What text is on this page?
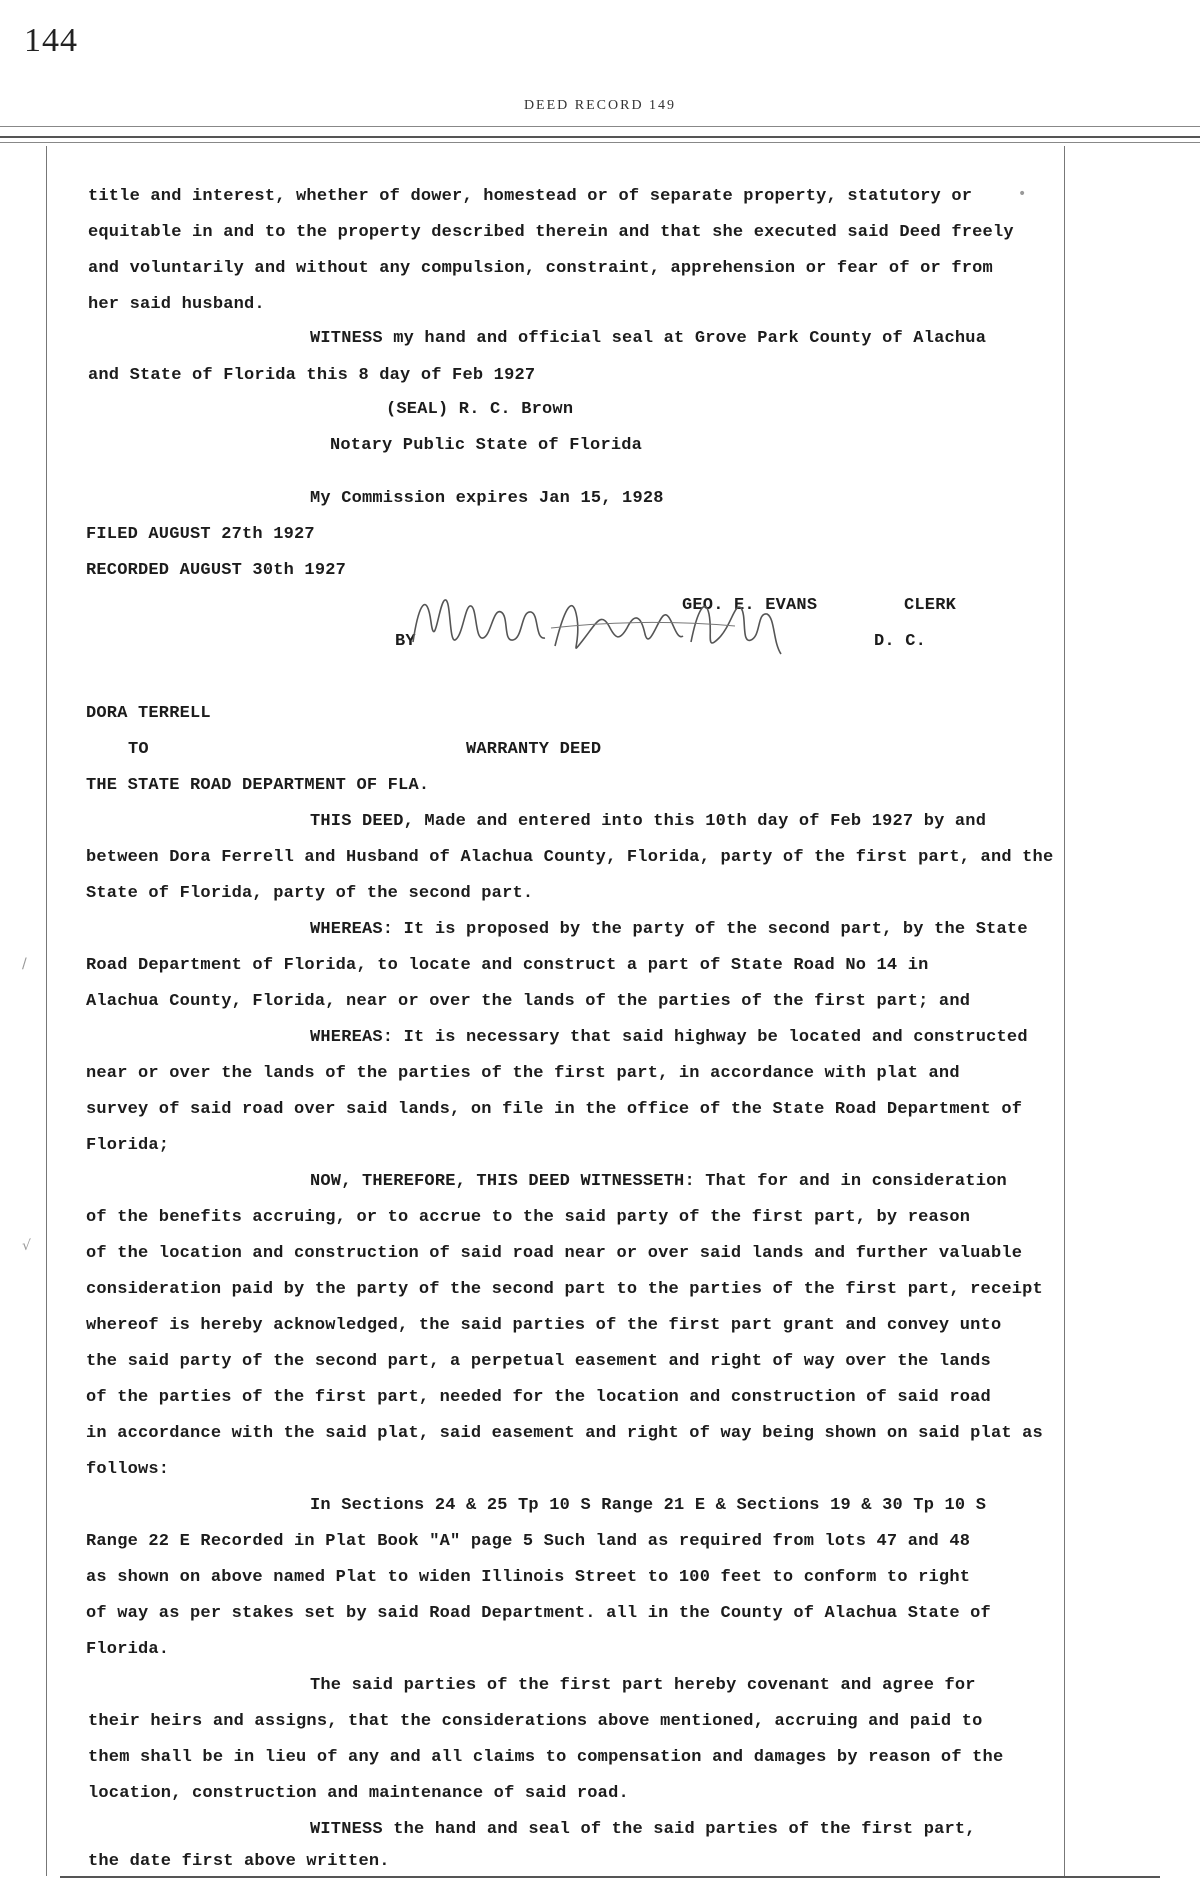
144
DEED RECORD 149
•
/
√
title and interest, whether of dower, homestead or of separate property, statutory or
equitable in and to the property described therein and that she executed said Deed freely
and voluntarily and without any compulsion, constraint, apprehension or fear of or from
her said husband.
WITNESS my hand and official seal at Grove Park County of Alachua
and State of Florida this 8 day of Feb 1927
(SEAL) R. C. Brown
Notary Public State of Florida
My Commission expires Jan 15, 1928
FILED AUGUST 27th 1927
RECORDED AUGUST 30th 1927
GEO. E. EVANS	CLERK
BY	D. C.
DORA TERRELL
TO	WARRANTY DEED
THE STATE ROAD DEPARTMENT OF FLA.
THIS DEED, Made and entered into this 10th day of Feb 1927 by and
between Dora Ferrell and Husband of Alachua County, Florida, party of the first part, and the
State of Florida, party of the second part.
WHEREAS: It is proposed by the party of the second part, by the State
Road Department of Florida, to locate and construct a part of State Road No 14 in
Alachua County, Florida, near or over the lands of the parties of the first part; and
WHEREAS: It is necessary that said highway be located and constructed
near or over the lands of the parties of the first part, in accordance with plat and
survey of said road over said lands, on file in the office of the State Road Department of
Florida;
NOW, THEREFORE, THIS DEED WITNESSETH: That for and in consideration
of the benefits accruing, or to accrue to the said party of the first part, by reason
of the location and construction of said road near or over said lands and further valuable
consideration paid by the party of the second part to the parties of the first part, receipt
whereof is hereby acknowledged, the said parties of the first part grant and convey unto
the said party of the second part, a perpetual easement and right of way over the lands
of the parties of the first part, needed for the location and construction of said road
in accordance with the said plat, said easement and right of way being shown on said plat as
follows:
In Sections 24 & 25 Tp 10 S Range 21 E & Sections 19 & 30 Tp 10 S
Range 22 E Recorded in Plat Book "A" page 5 Such land as required from lots 47 and 48
as shown on above named Plat to widen Illinois Street to 100 feet to conform to right
of way as per stakes set by said Road Department. all in the County of Alachua State of
Florida.
The said parties of the first part hereby covenant and agree for
their heirs and assigns, that the considerations above mentioned, accruing and paid to
them shall be in lieu of any and all claims to compensation and damages by reason of the
location, construction and maintenance of said road.
WITNESS the hand and seal of the said parties of the first part,
the date first above written.
